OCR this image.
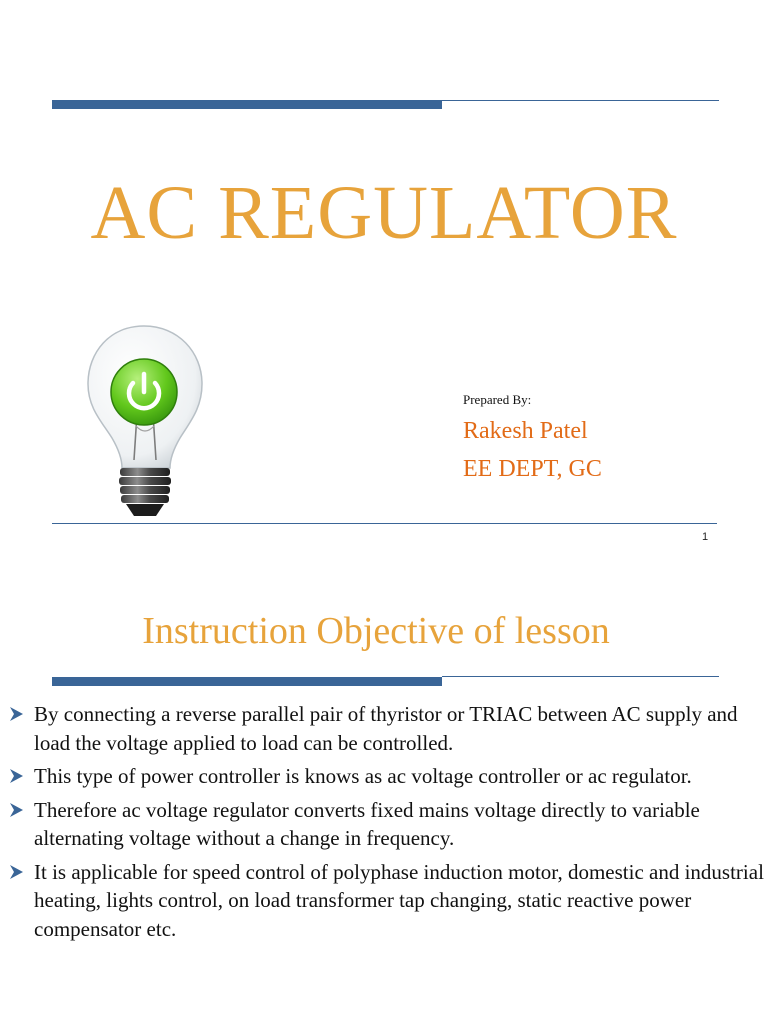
AC REGULATOR
Prepared By:
Rakesh Patel
EE DEPT, GC
1
Instruction Objective of lesson
By connecting a reverse parallel pair of thyristor or TRIAC between AC supply and load the voltage applied to load can be controlled.
This type of power controller is knows as ac voltage controller or ac regulator.
Therefore ac voltage regulator converts fixed mains voltage directly to variable alternating voltage without a change in frequency.
It is applicable for speed control of polyphase induction motor, domestic and industrial heating, lights control, on load transformer tap changing, static reactive power compensator etc.
